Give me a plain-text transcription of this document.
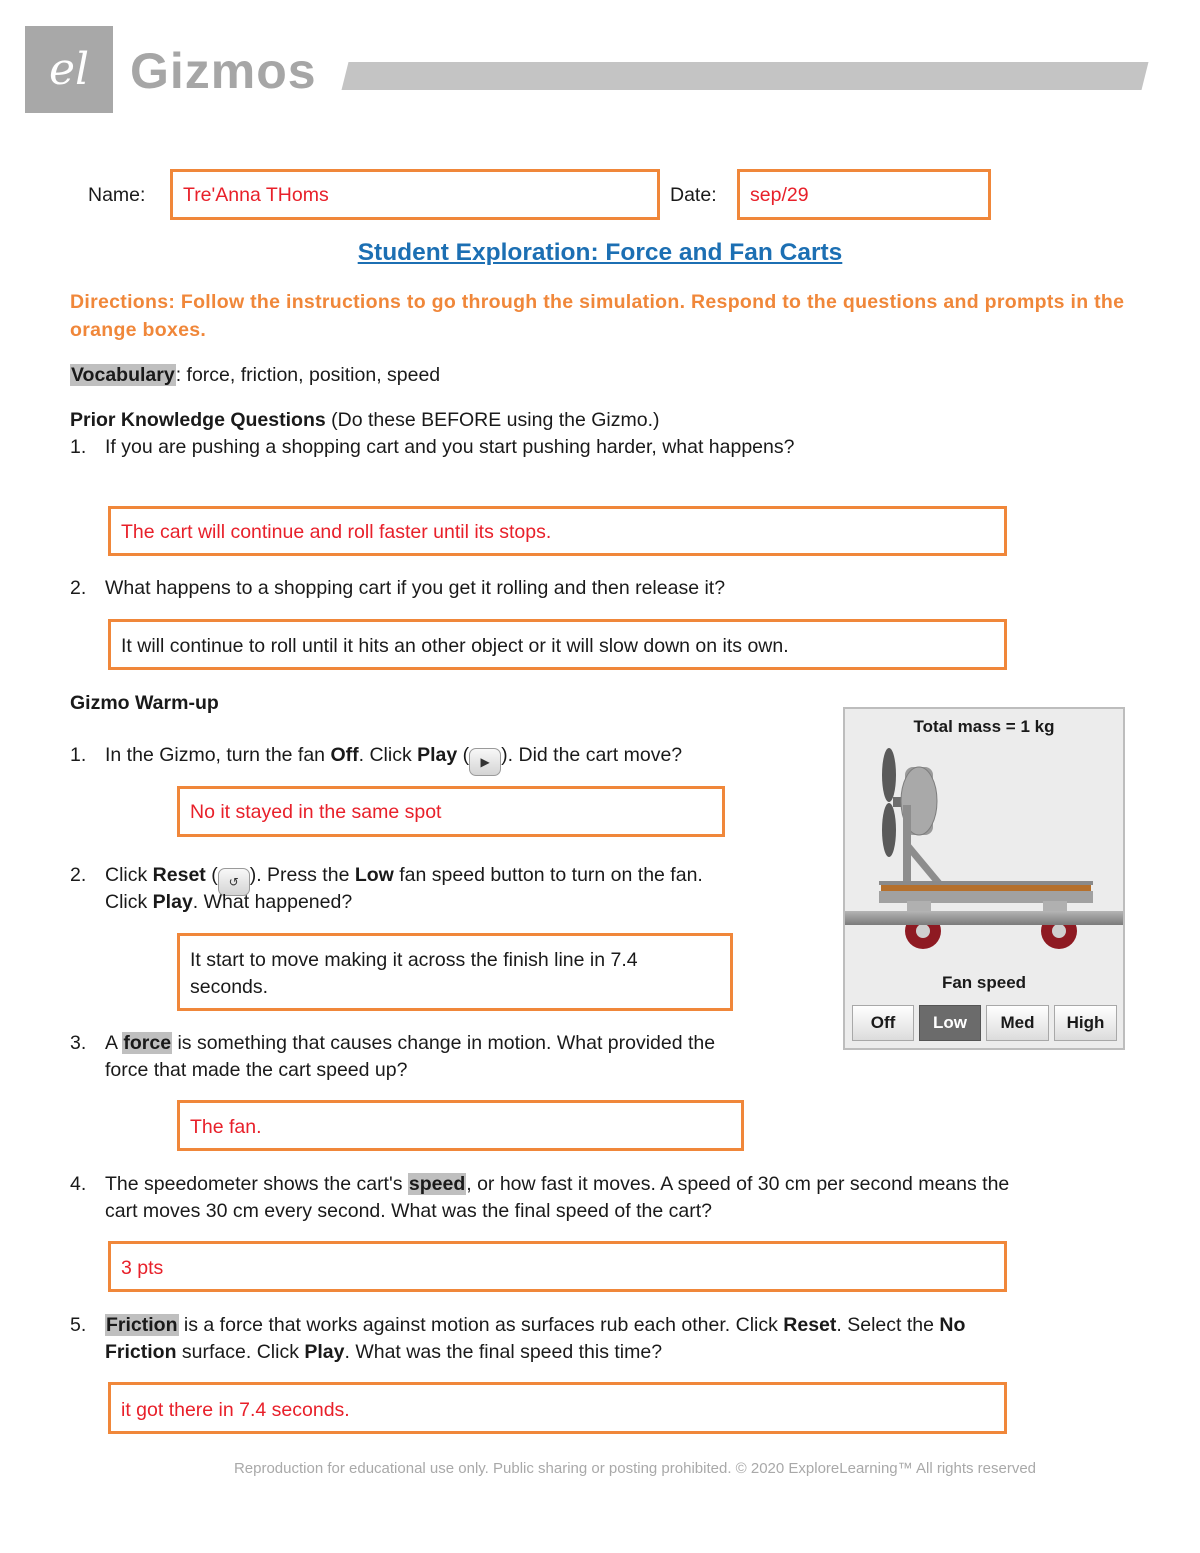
el Gizmos
Name: Tre'Anna THoms	Date: sep/29
Student Exploration: Force and Fan Carts
Directions: Follow the instructions to go through the simulation. Respond to the questions and prompts in the orange boxes.
Vocabulary: force, friction, position, speed
Prior Knowledge Questions (Do these BEFORE using the Gizmo.)
1. If you are pushing a shopping cart and you start pushing harder, what happens?
The cart will continue and roll faster until its stops.
2. What happens to a shopping cart if you get it rolling and then release it?
It will continue to roll until it hits an other object or it will slow down on its own.
Gizmo Warm-up
1. In the Gizmo, turn the fan Off. Click Play ( ▶ ). Did the cart move?
No it stayed in the same spot
2. Click Reset ( ↺ ). Press the Low fan speed button to turn on the fan.
Click Play. What happened?
It start to move making it across the finish line in 7.4
seconds.
3. A force is something that causes change in motion. What provided the
force that made the cart speed up?
The fan.
4. The speedometer shows the cart's speed, or how fast it moves. A speed of 30 cm per second means the
cart moves 30 cm every second. What was the final speed of the cart?
3 pts
5. Friction is a force that works against motion as surfaces rub each other. Click Reset. Select the No
Friction surface. Click Play. What was the final speed this time?
it got there in 7.4 seconds.
Total mass = 1 kg
Fan speed
Off	Low	Med	High
Reproduction for educational use only. Public sharing or posting prohibited. © 2020 ExploreLearning™ All rights reserved
